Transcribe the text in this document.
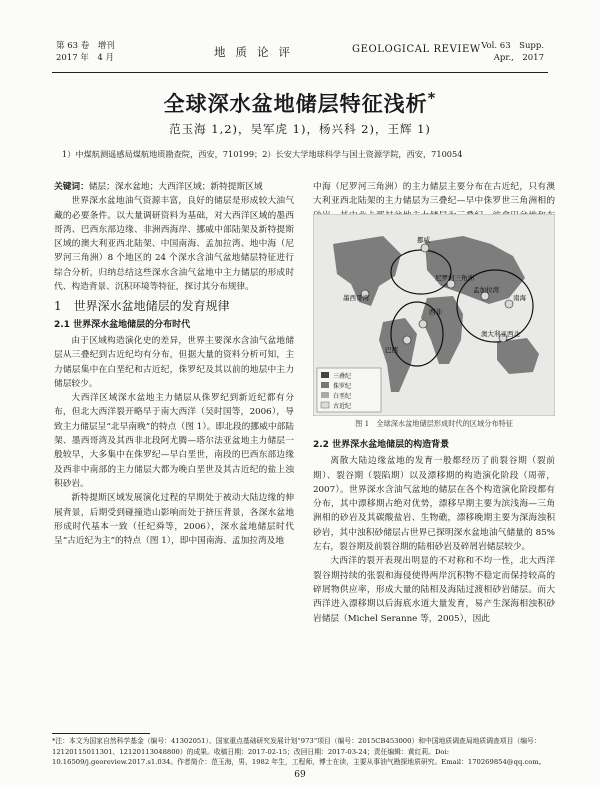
第 63 卷　增刊
2017 年　4 月	地质论评	GEOLOGICAL REVIEW Vol. 63　Supp.
Apr.,　2017
全球深水盆地储层特征浅析*
范玉海 1,2)，吴军虎 1)，杨兴科 2)，王辉 1)
1）中煤航测遥感局煤航地质勘查院，西安，710199；2）长安大学地球科学与国土资源学院，西安，710054

关键词：储层；深水盆地；大西洋区域；新特提斯区域

世界深水盆地油气资源丰富，良好的储层是形成较大油气藏的必要条件。以大量调研资料为基础，对大西洋区域的墨西哥湾、巴西东部边缘、非洲西海岸、挪威中部陆架及新特提斯区域的澳大利亚西北陆架、中国南海、孟加拉湾、地中海（尼罗河三角洲）8 个地区的 24 个深水含油气盆地储层特征进行综合分析，归纳总结这些深水含油气盆地中主力储层的形成时代、构造背景、沉积环境等特征，探讨其分布规律。

1　世界深水盆地储层的发育规律
2.1 世界深水盆地储层的分布时代

由于区域构造演化史的差异，世界主要深水含油气盆地储层从三叠纪到古近纪均有分布，但据大量的资料分析可知，主力储层集中在白垩纪和古近纪，侏罗纪及其以前的地层中主力储层较少。

大西洋区域深水盆地主力储层从侏罗纪到新近纪都有分布，但北大西洋裂开略早于南大西洋（吴时国等，2006），导致主力储层呈“北早南晚”的特点（图 1）。即北段的挪威中部陆架、墨西哥湾及其西非北段阿尤腾—塔尔法亚盆地主力储层一般较早，大多集中在侏罗纪—早白垩世，南段的巴西东部边缘及西非中南部的主力储层大都为晚白垩世及其古近纪的盐上浊积砂岩。

新特提斯区域发展演化过程的早期处于被动大陆边缘的伸展背景，后期受到碰撞造山影响而处于挤压背景，各深水盆地形成时代基本一致（任纪舜等，2006），深水盆地储层时代呈“古近纪为主”的特点（图 1），即中国南海、孟加拉湾及地

中海（尼罗河三角洲）的主力储层主要分布在古近纪，只有澳大利亚西北陆架的主力储层为三叠纪—早中侏罗世三角洲相的

挪威
墨西哥湾
尼罗河三角洲
孟加拉湾
西非
巴西
南海
澳大利亚西北
三叠纪
侏罗纪
白垩纪
古近纪
图 1　全球深水盆地储层形成时代的区域分布特征
2.2 世界深水盆地储层的构造背景

离散大陆边缘盆地的发育一般都经历了前裂谷期（裂前期）、裂谷期（裂陷期）以及漂移期的构造演化阶段（周蒂，2007）。世界深水含油气盆地的储层在各个构造演化阶段都有分布，其中漂移期占绝对优势，漂移早期主要为滨浅海—三角洲相的砂岩及其碳酸盐岩、生物礁，漂移晚期主要为深海浊积砂岩，其中浊积砂储层占世界已探明深水盆地油气储量的 85%左右，裂谷期及前裂谷期的陆相砂岩及碎屑岩储层较少。

大西洋的裂开表现出明显的不对称和不均一性，北大西洋裂谷期持续的张裂和海侵使得两岸沉积物不稳定而保持较高的碎屑物供应率，形成大量的陆相及海陆过渡相砂岩储层。而大西洋进入漂移期以后海底水道大量发育，易产生深海相浊积砂岩储层（Michel Seranne 等，2005），因此

*注：本文为国家自然科学基金（编号：41302051）、国家重点基础研究发展计划“973”项目（编号：2015CB453000）和中国地质调查局地质调查项目（编号：12120115011301、12120113048800）的成果。收稿日期：2017-02-15；改回日期：2017-03-24；责任编辑：黄红莉。Doi: 10.16509/j.georeview.2017.s1.034。作者简介：范玉海，男，1982 年生，工程师，博士在读，主要从事油气勘探地质研究。Email：170269854@qq.com。
69
